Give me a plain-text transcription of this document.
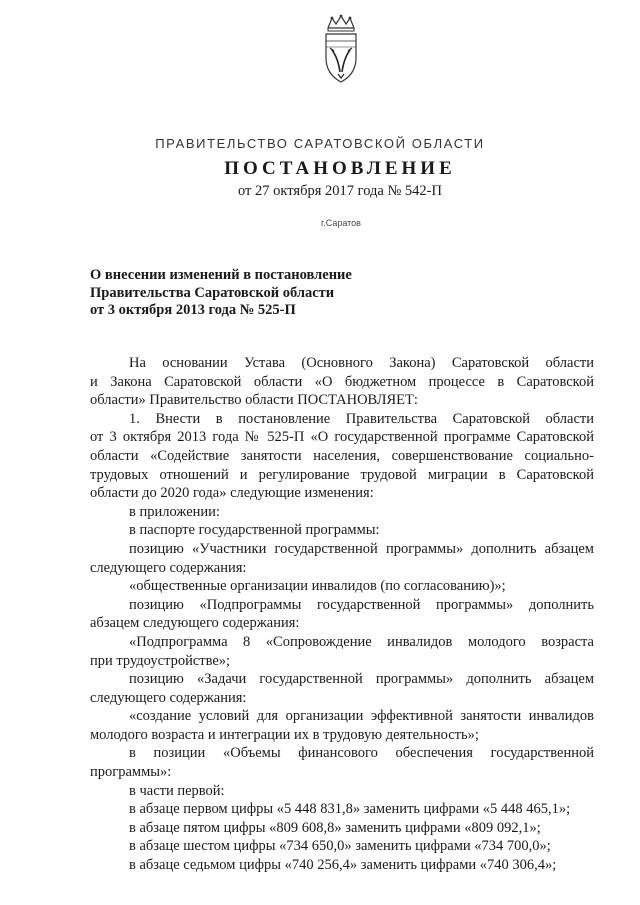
ПРАВИТЕЛЬСТВО САРАТОВСКОЙ ОБЛАСТИ
ПОСТАНОВЛЕНИЕ
от 27 октября 2017 года № 542-П
г.Саратов
О внесении изменений в постановление
Правительства Саратовской области
от 3 октября 2013 года № 525-П
На основании Устава (Основного Закона) Саратовской области
и Закона Саратовской области «О бюджетном процессе в Саратовской
области» Правительство области ПОСТАНОВЛЯЕТ:
1. Внести в постановление Правительства Саратовской области
от 3 октября 2013 года № 525-П «О государственной программе Саратовской
области «Содействие занятости населения, совершенствование социально-
трудовых отношений и регулирование трудовой миграции в Саратовской
области до 2020 года» следующие изменения:
в приложении:
в паспорте государственной программы:
позицию «Участники государственной программы» дополнить абзацем
следующего содержания:
«общественные организации инвалидов (по согласованию)»;
позицию «Подпрограммы государственной программы» дополнить
абзацем следующего содержания:
«Подпрограмма 8 «Сопровождение инвалидов молодого возраста
при трудоустройстве»;
позицию «Задачи государственной программы» дополнить абзацем
следующего содержания:
«создание условий для организации эффективной занятости инвалидов
молодого возраста и интеграции их в трудовую деятельность»;
в позиции «Объемы финансового обеспечения государственной
программы»:
в части первой:
в абзаце первом цифры «5 448 831,8» заменить цифрами «5 448 465,1»;
в абзаце пятом цифры «809 608,8» заменить цифрами «809 092,1»;
в абзаце шестом цифры «734 650,0» заменить цифрами «734 700,0»;
в абзаце седьмом цифры «740 256,4» заменить цифрами «740 306,4»;
